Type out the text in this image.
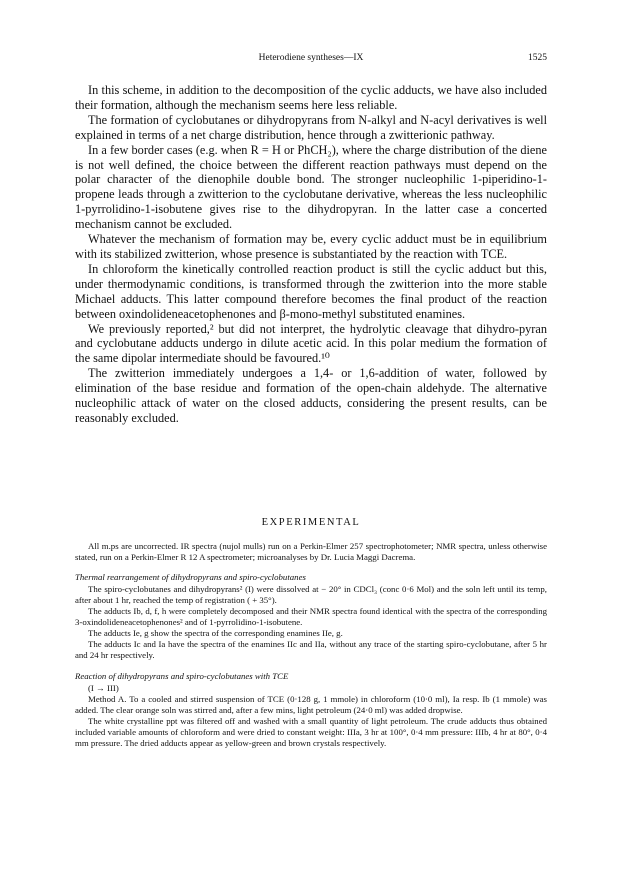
Heterodiene syntheses—IX	1525

In this scheme, in addition to the decomposition of the cyclic adducts, we have also included their formation, although the mechanism seems here less reliable.

The formation of cyclobutanes or dihydropyrans from N-alkyl and N-acyl derivatives is well explained in terms of a net charge distribution, hence through a zwitterionic pathway.

In a few border cases (e.g. when R = H or PhCH₂), where the charge distribution of the diene is not well defined, the choice between the different reaction pathways must depend on the polar character of the dienophile double bond. The stronger nucleophilic 1-piperidino-1-propene leads through a zwitterion to the cyclobutane derivative, whereas the less nucleophilic 1-pyrrolidino-1-isobutene gives rise to the dihydropyran. In the latter case a concerted mechanism cannot be excluded.

Whatever the mechanism of formation may be, every cyclic adduct must be in equilibrium with its stabilized zwitterion, whose presence is substantiated by the reaction with TCE.

In chloroform the kinetically controlled reaction product is still the cyclic adduct but this, under thermodynamic conditions, is transformed through the zwitterion into the more stable Michael adducts. This latter compound therefore becomes the final product of the reaction between oxindolideneacetophenones and β-mono-methyl substituted enamines.

We previously reported,² but did not interpret, the hydrolytic cleavage that dihydro-pyran and cyclobutane adducts undergo in dilute acetic acid. In this polar medium the formation of the same dipolar intermediate should be favoured.¹⁰

The zwitterion immediately undergoes a 1,4- or 1,6-addition of water, followed by elimination of the base residue and formation of the open-chain aldehyde. The alternative nucleophilic attack of water on the closed adducts, considering the present results, can be reasonably excluded.

EXPERIMENTAL

All m.ps are uncorrected. IR spectra (nujol mulls) run on a Perkin-Elmer 257 spectrophotometer; NMR spectra, unless otherwise stated, run on a Perkin-Elmer R 12 A spectrometer; microanalyses by Dr. Lucia Maggi Dacrema.

Thermal rearrangement of dihydropyrans and spiro-cyclobutanes

The spiro-cyclobutanes and dihydropyrans² (I) were dissolved at − 20° in CDCl₃ (conc 0·6 Mol) and the soln left until its temp, after about 1 hr, reached the temp of registration ( + 35°).

The adducts Ib, d, f, h were completely decomposed and their NMR spectra found identical with the spectra of the corresponding 3-oxindolideneacetophenones² and of 1-pyrrolidino-1-isobutene.

The adducts Ie, g show the spectra of the corresponding enamines IIe, g.

The adducts Ic and Ia have the spectra of the enamines IIc and IIa, without any trace of the starting spiro-cyclobutane, after 5 hr and 24 hr respectively.

Reaction of dihydropyrans and spiro-cyclobutanes with TCE

(I → III)

Method A. To a cooled and stirred suspension of TCE (0·128 g, 1 mmole) in chloroform (10·0 ml), Ia resp. Ib (1 mmole) was added. The clear orange soln was stirred and, after a few mins, light petroleum (24·0 ml) was added dropwise.

The white crystalline ppt was filtered off and washed with a small quantity of light petroleum. The crude adducts thus obtained included variable amounts of chloroform and were dried to constant weight: IIIa, 3 hr at 100°, 0·4 mm pressure: IIIb, 4 hr at 80°, 0·4 mm pressure. The dried adducts appear as yellow-green and brown crystals respectively.
